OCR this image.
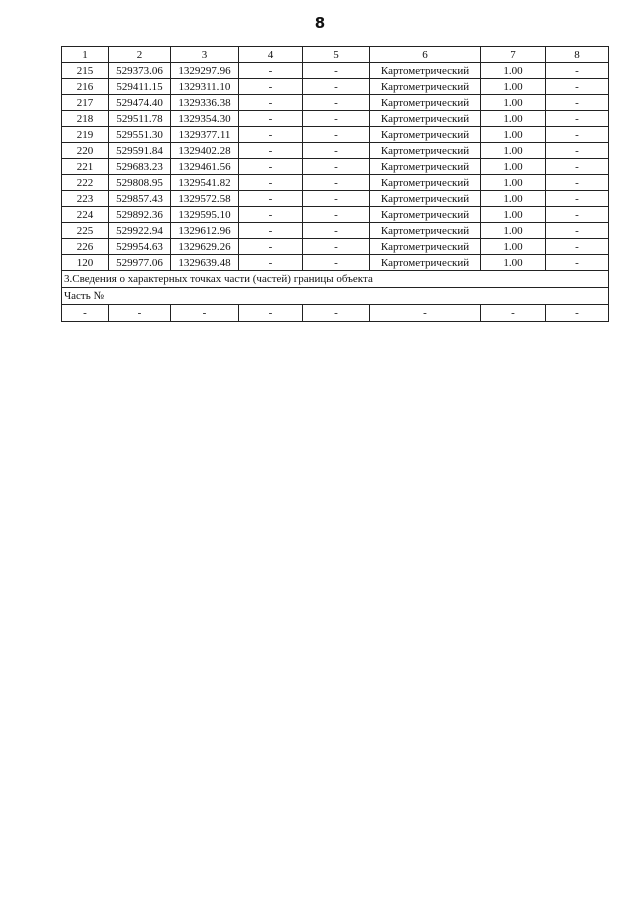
8
1	2	3	4	5	6	7	8
215	529373.06	1329297.96	-	-	Картометрический	1.00	-
216	529411.15	1329311.10	-	-	Картометрический	1.00	-
217	529474.40	1329336.38	-	-	Картометрический	1.00	-
218	529511.78	1329354.30	-	-	Картометрический	1.00	-
219	529551.30	1329377.11	-	-	Картометрический	1.00	-
220	529591.84	1329402.28	-	-	Картометрический	1.00	-
221	529683.23	1329461.56	-	-	Картометрический	1.00	-
222	529808.95	1329541.82	-	-	Картометрический	1.00	-
223	529857.43	1329572.58	-	-	Картометрический	1.00	-
224	529892.36	1329595.10	-	-	Картометрический	1.00	-
225	529922.94	1329612.96	-	-	Картометрический	1.00	-
226	529954.63	1329629.26	-	-	Картометрический	1.00	-
120	529977.06	1329639.48	-	-	Картометрический	1.00	-
3.Сведения о характерных точках части (частей) границы объекта							
Часть №							
-	-	-	-	-	-	-	-
